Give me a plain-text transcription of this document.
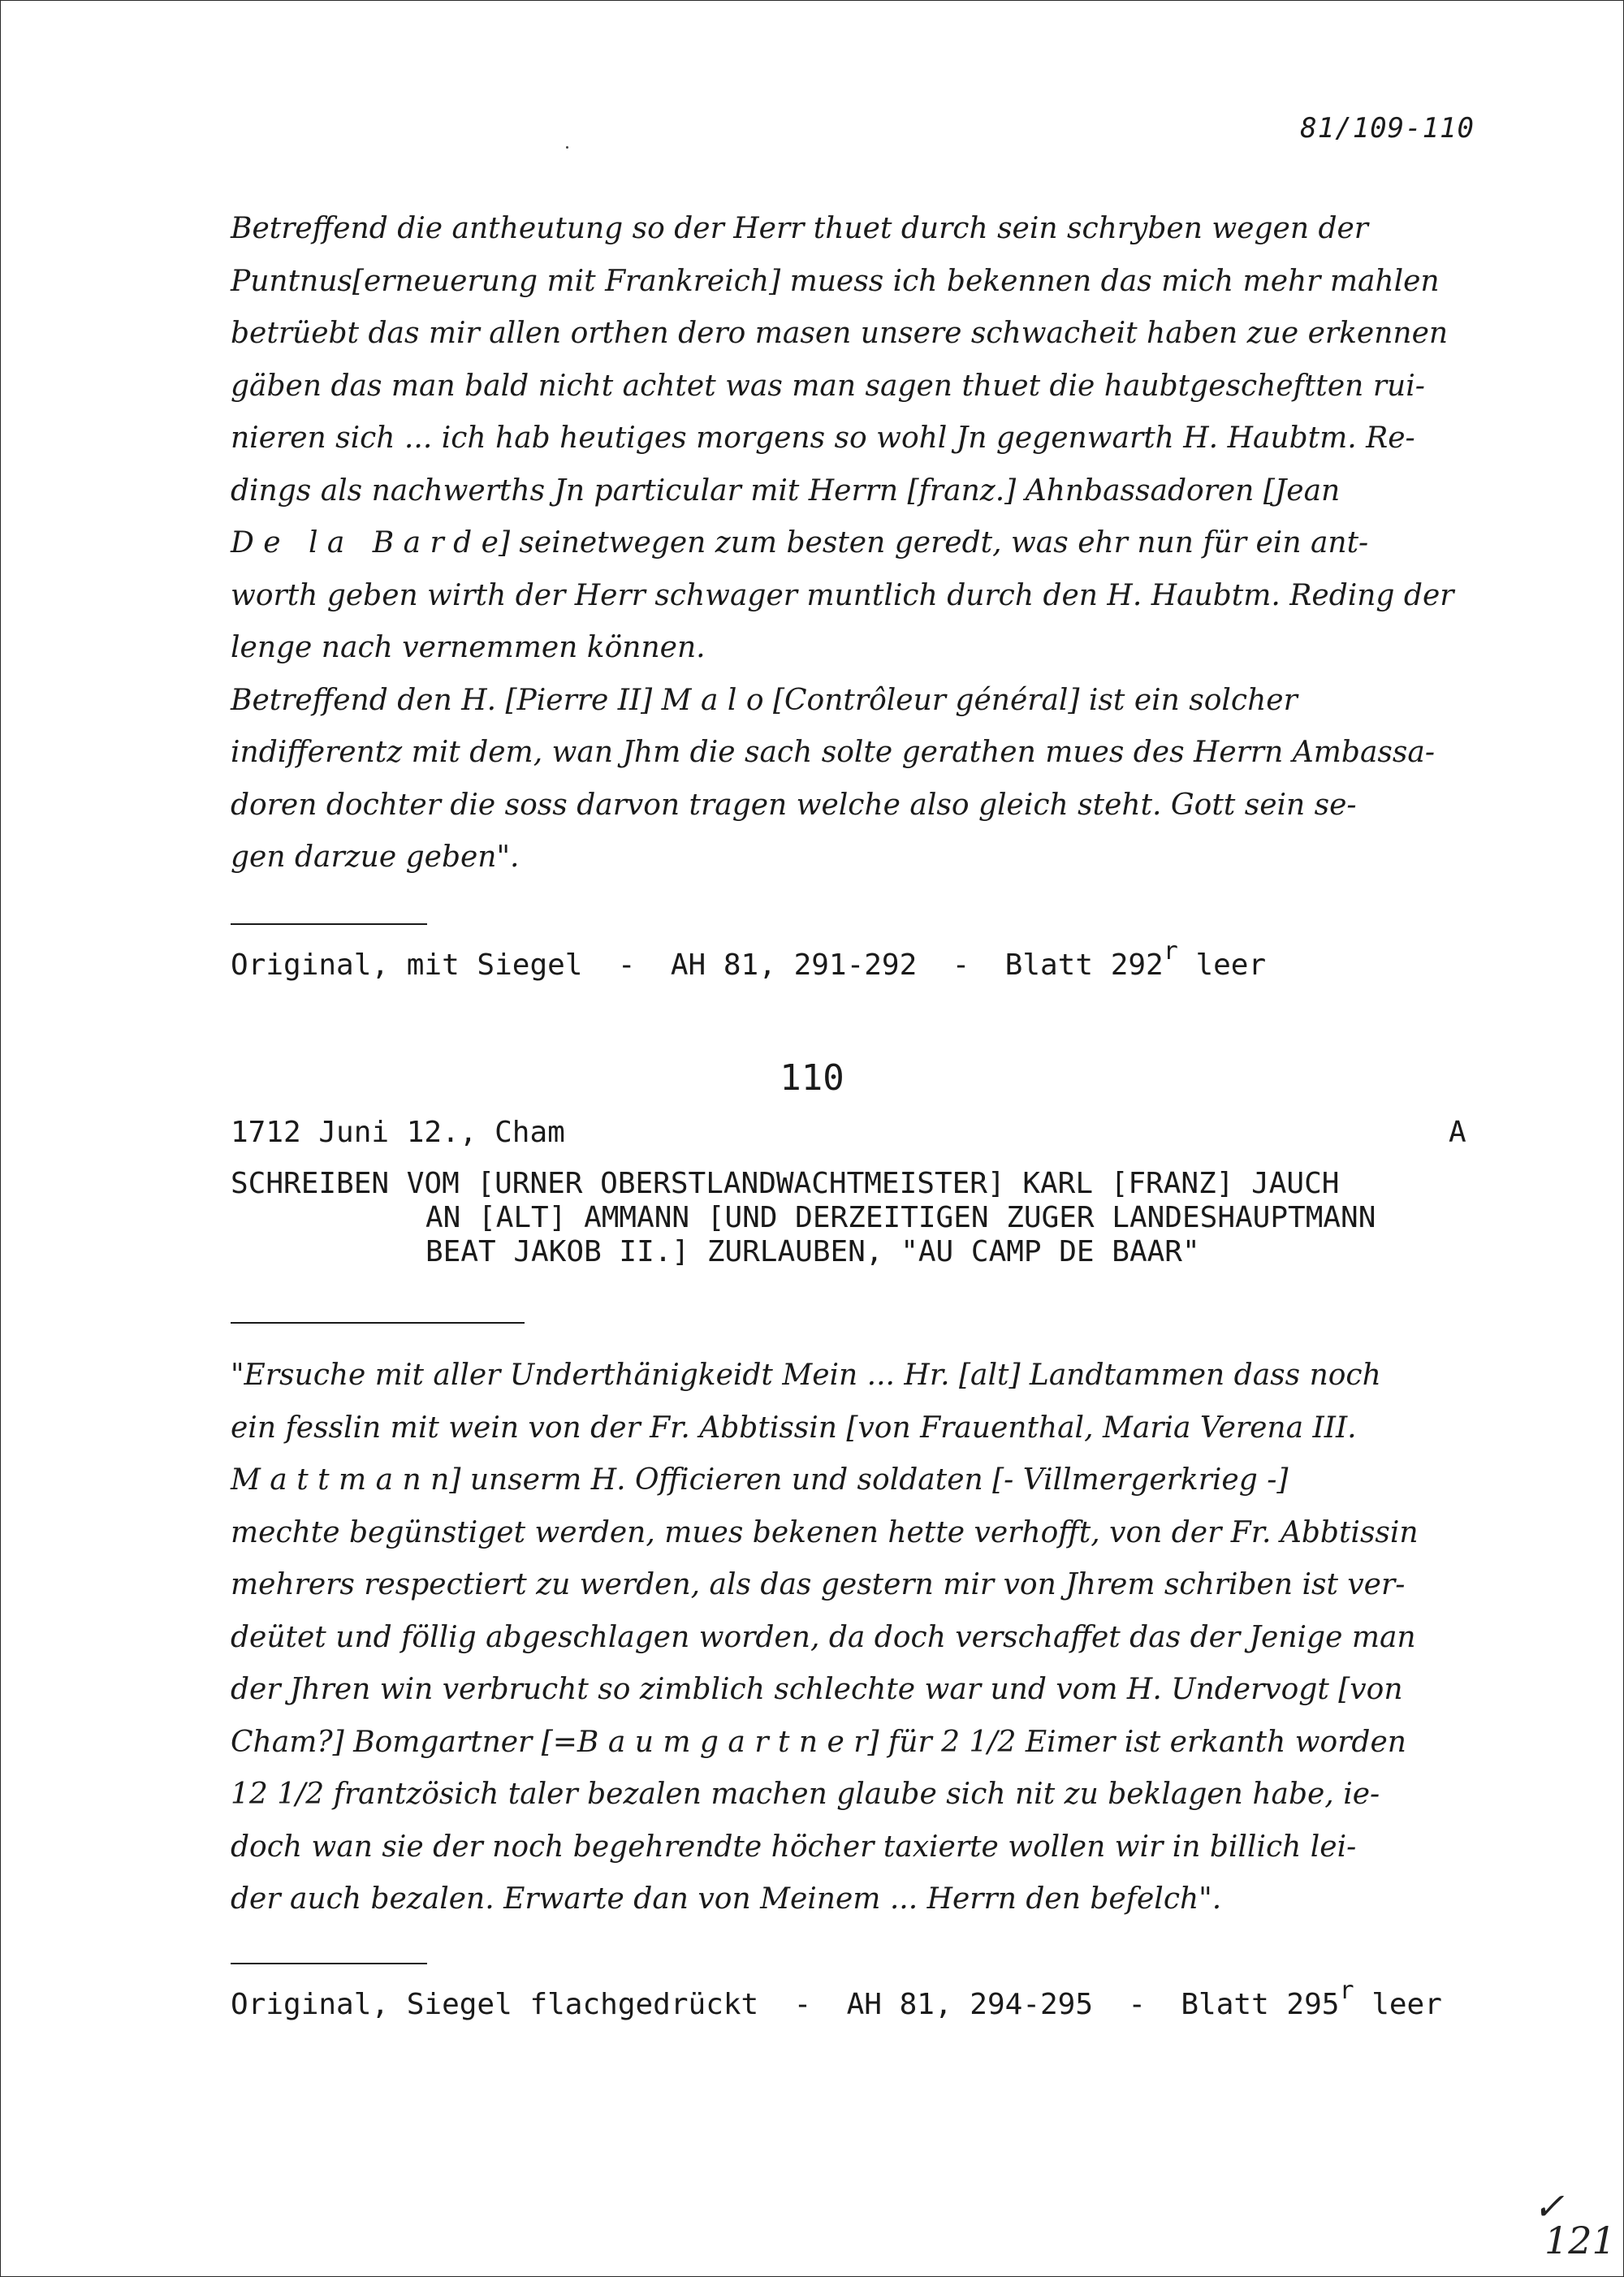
81/109-110
Betreffend die antheutung so der Herr thuet durch sein schryben wegen der
Puntnus[erneuerung mit Frankreich] muess ich bekennen das mich mehr mahlen
betrüebt das mir allen orthen dero masen unsere schwacheit haben zue erkennen
gäben das man bald nicht achtet was man sagen thuet die haubtgescheftten rui-
nieren sich ... ich hab heutiges morgens so wohl Jn gegenwarth H. Haubtm. Re-
dings als nachwerths Jn particular mit Herrn [franz.] Ahnbassadoren [Jean
D e   l a   B a r d e] seinetwegen zum besten geredt, was ehr nun für ein ant-
worth geben wirth der Herr schwager muntlich durch den H. Haubtm. Reding der
lenge nach vernemmen können.
Betreffend den H. [Pierre II] M a l o [Contrôleur général] ist ein solcher
indifferentz mit dem, wan Jhm die sach solte gerathen mues des Herrn Ambassa-
doren dochter die soss darvon tragen welche also gleich steht. Gott sein se-
gen darzue geben".
Original, mit Siegel  -  AH 81, 291-292  -  Blatt 292$^r$ leer
110
1712 Juni 12., Cham	A
SCHREIBEN VOM [URNER OBERSTLANDWACHTMEISTER] KARL [FRANZ] JAUCH
AN [ALT] AMMANN [UND DERZEITIGEN ZUGER LANDESHAUPTMANN
BEAT JAKOB II.] ZURLAUBEN, "AU CAMP DE BAAR"
"Ersuche mit aller Underthänigkeidt Mein ... Hr. [alt] Landtammen dass noch
ein fesslin mit wein von der Fr. Abbtissin [von Frauenthal, Maria Verena III.
M a t t m a n n] unserm H. Officieren und soldaten [- Villmergerkrieg -]
mechte begünstiget werden, mues bekenen hette verhofft, von der Fr. Abbtissin
mehrers respectiert zu werden, als das gestern mir von Jhrem schriben ist ver-
deütet und föllig abgeschlagen worden, da doch verschaffet das der Jenige man
der Jhren win verbrucht so zimblich schlechte war und vom H. Undervogt [von
Cham?] Bomgartner [=B a u m g a r t n e r] für 2 1/2 Eimer ist erkanth worden
12 1/2 frantzösich taler bezalen machen glaube sich nit zu beklagen habe, ie-
doch wan sie der noch begehrendte höcher taxierte wollen wir in billich lei-
der auch bezalen. Erwarte dan von Meinem ... Herrn den befelch".
Original, Siegel flachgedrückt  -  AH 81, 294-295  -  Blatt 295$^r$ leer
✓
121
